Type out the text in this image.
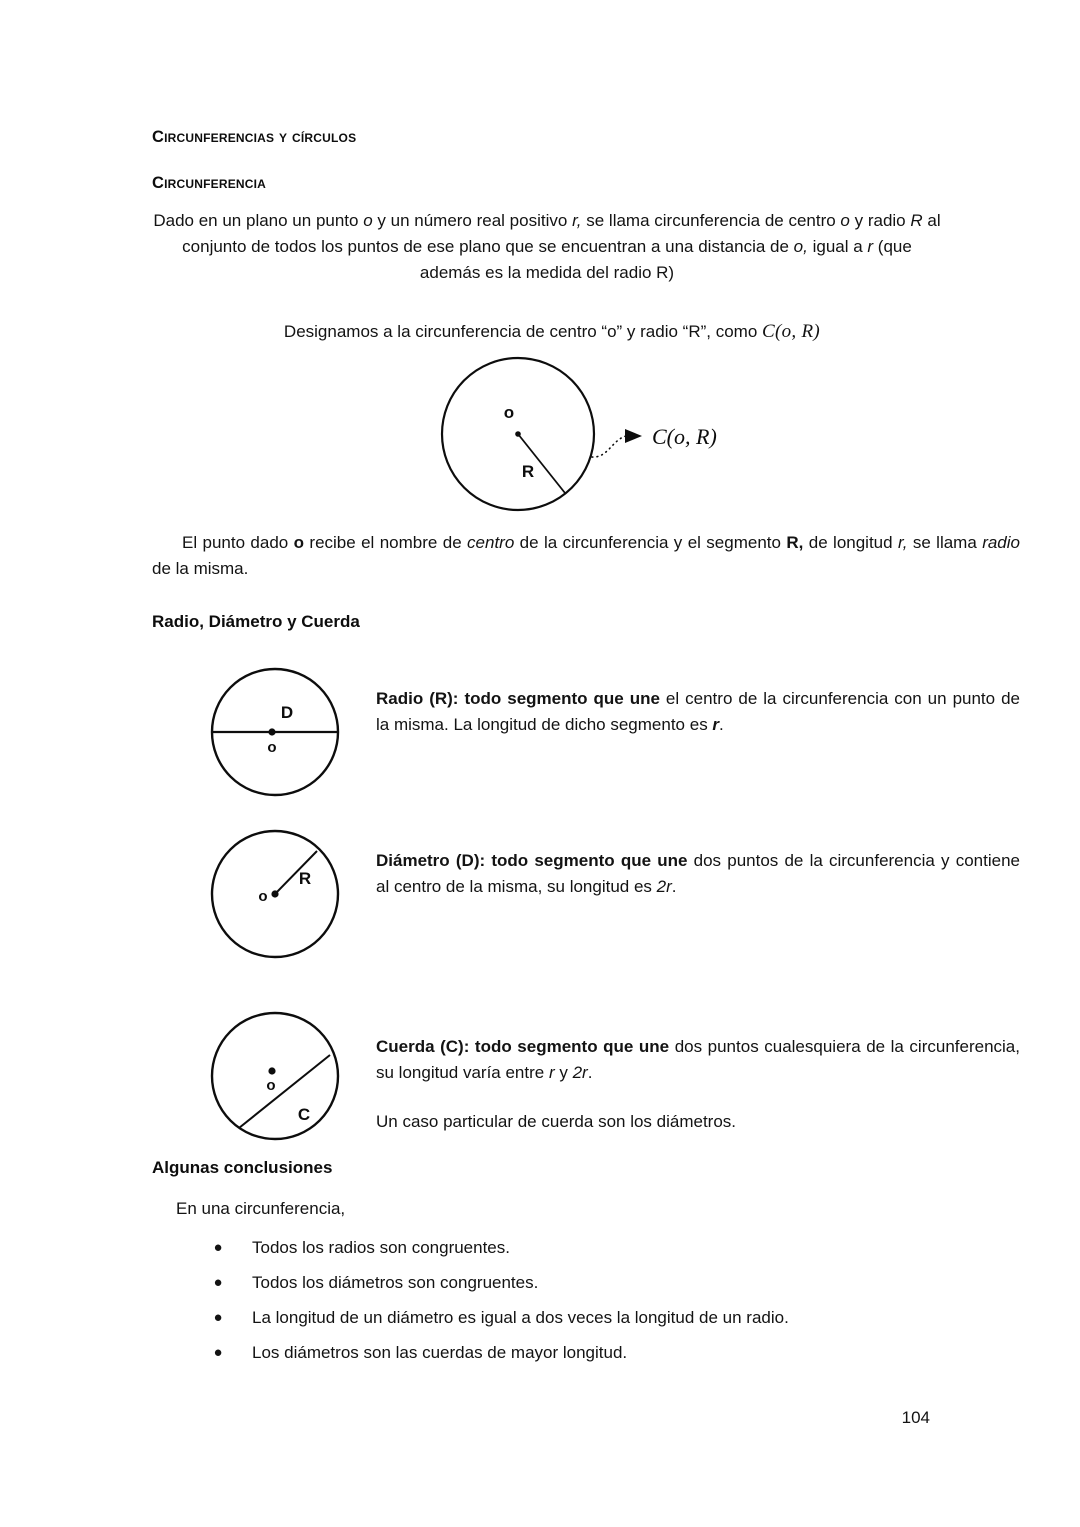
Circunferencias y círculos

Circunferencia

Dado en un plano un punto o y un número real positivo r, se llama circunferencia de centro o y radio R al conjunto de todos los puntos de ese plano que se encuentran a una distancia de o, igual a r (que además es la medida del radio R)

Designamos a la circunferencia de centro “o” y radio “R”, como C(o, R)

o
R
C(o, R)

El punto dado o recibe el nombre de centro de la circunferencia y el segmento R, de longitud r, se llama radio de la misma.

Radio, Diámetro y Cuerda

D
o

Radio (R): todo segmento que une el centro de la circunferencia con un punto de la misma. La longitud de dicho segmento es r.

R
o

Diámetro (D): todo segmento que une dos puntos de la circunferencia y contiene al centro de la misma, su longitud es 2r.

o
C

Cuerda (C): todo segmento que une dos puntos cualesquiera de la circunferencia, su longitud varía entre r y 2r.

Un caso particular de cuerda son los diámetros.

Algunas conclusiones

En una circunferencia,

● Todos los radios son congruentes.
● Todos los diámetros son congruentes.
● La longitud de un diámetro es igual a dos veces la longitud de un radio.
● Los diámetros son las cuerdas de mayor longitud.
104
